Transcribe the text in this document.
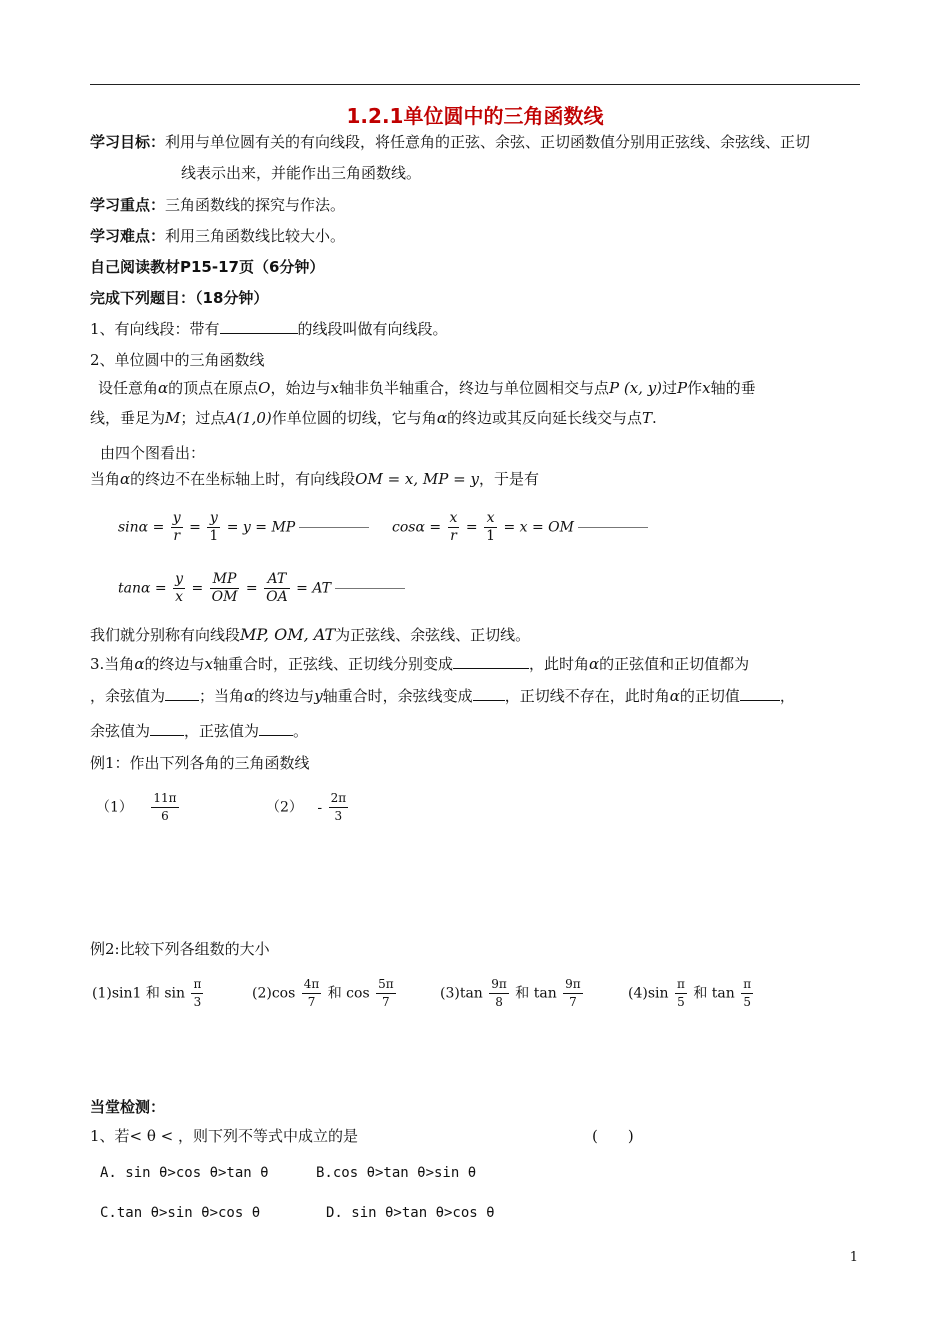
1.2.1单位圆中的三角函数线
学习目标：利用与单位圆有关的有向线段，将任意角的正弦、余弦、正切函数值分别用正弦线、余弦线、正切
线表示出来，并能作出三角函数线。
学习重点：三角函数线的探究与作法。
学习难点：利用三角函数线比较大小。
自己阅读教材P15-17页（6分钟）
完成下列题目：（18分钟）
1、有向线段：带有	的线段叫做有向线段。
2、单位圆中的三角函数线
设任意角α的顶点在原点O，始边与x轴非负半轴重合，终边与单位圆相交与点P (x, y)过P作x轴的垂
线，垂足为M；过点A(1,0)作单位圆的切线，它与角α的终边或其反向延长线交与点T.
由四个图看出：
当角α的终边不在坐标轴上时，有向线段OM = x, MP = y，于是有
$\sin\alpha = \frac{y}{r} = \frac{y}{1} = y$ = MP	$\cos\alpha = \frac{x}{r} = \frac{x}{1} = x$ = OM
$\tan\alpha = \frac{y}{x} = \frac{MP}{OM} = \frac{AT}{OA}$ = AT
我们就分别称有向线段MP, OM, AT为正弦线、余弦线、正切线。
3.当角α的终边与x轴重合时，正弦线、正切线分别变成	，此时角α的正弦值和正切值都为
，余弦值为 ；当角α的终边与y轴重合时，余弦线变成 ，正切线不存在，此时角α的正切值	，
余弦值为 ，正弦值为 。
例1：作出下列各角的三角函数线
$(1) \frac{11\pi}{6}$	$(2) - \frac{2\pi}{3}$
例2:比较下列各组数的大小
(1)sin1 和 $\sin \frac{\pi}{3}$	$(2)\cos \frac{4\pi}{7}$ 和 $\cos \frac{5\pi}{7}$	$(3)\tan \frac{9\pi}{8}$ 和 $\tan \frac{9\pi}{7}$	$(4)\sin \frac{\pi}{5}$ 和 $\tan \frac{\pi}{5}$
当堂检测：
1、若< θ < ，则下列不等式中成立的是	(　　)
A. sin θ>cos θ>tan θ	B.cos θ>tan θ>sin θ
C.tan θ>sin θ>cos θ	D. sin θ>tan θ>cos θ
1
